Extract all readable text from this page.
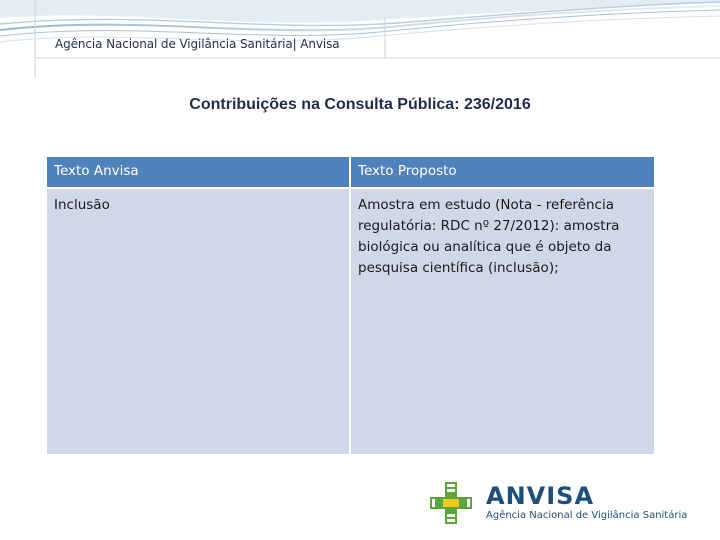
Agência Nacional de Vigilância Sanitária| Anvisa
Contribuições na Consulta Pública: 236/2016
Texto Anvisa	Texto Proposto
Inclusão	Amostra em estudo (Nota - referência regulatória: RDC nº 27/2012): amostra biológica ou analítica que é objeto da pesquisa científica (inclusão);
ANVISA
Agência Nacional de Vigilância Sanitária
